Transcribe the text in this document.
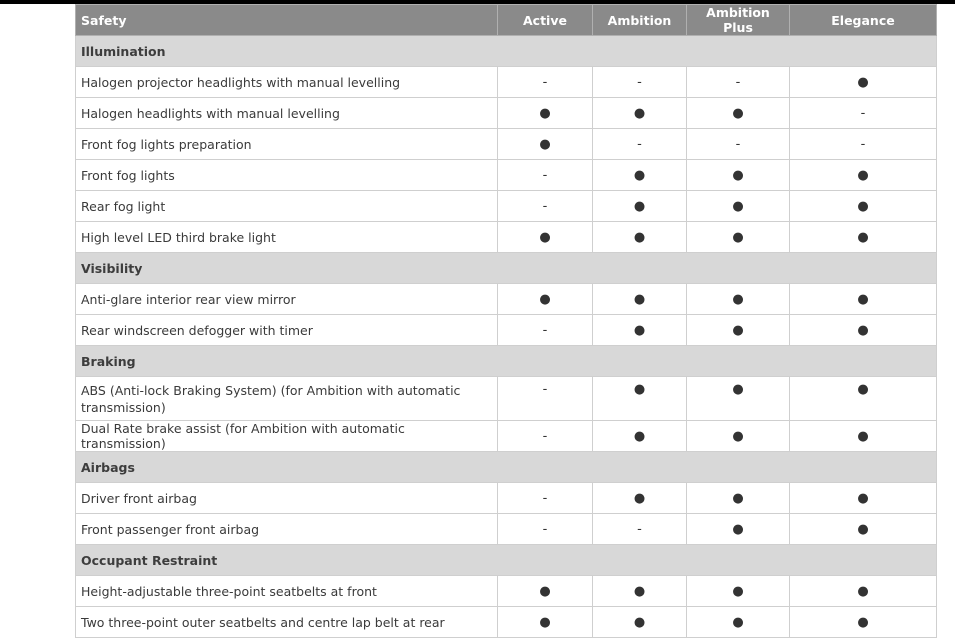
Safety	Active	Ambition	Ambition Plus	Elegance
Illumination				
Halogen projector headlights with manual levelling	-	-	-	●
Halogen headlights with manual levelling	●	●	●	-
Front fog lights preparation	●	-	-	-
Front fog lights	-	●	●	●
Rear fog light	-	●	●	●
High level LED third brake light	●	●	●	●
Visibility				
Anti-glare interior rear view mirror	●	●	●	●
Rear windscreen defogger with timer	-	●	●	●
Braking				
ABS (Anti-lock Braking System) (for Ambition with automatic transmission)	-	●	●	●
Dual Rate brake assist (for Ambition with automatic transmission)	-	●	●	●
Airbags				
Driver front airbag	-	●	●	●
Front passenger front airbag	-	-	●	●
Occupant Restraint				
Height-adjustable three-point seatbelts at front	●	●	●	●
Two three-point outer seatbelts and centre lap belt at rear	●	●	●	●
